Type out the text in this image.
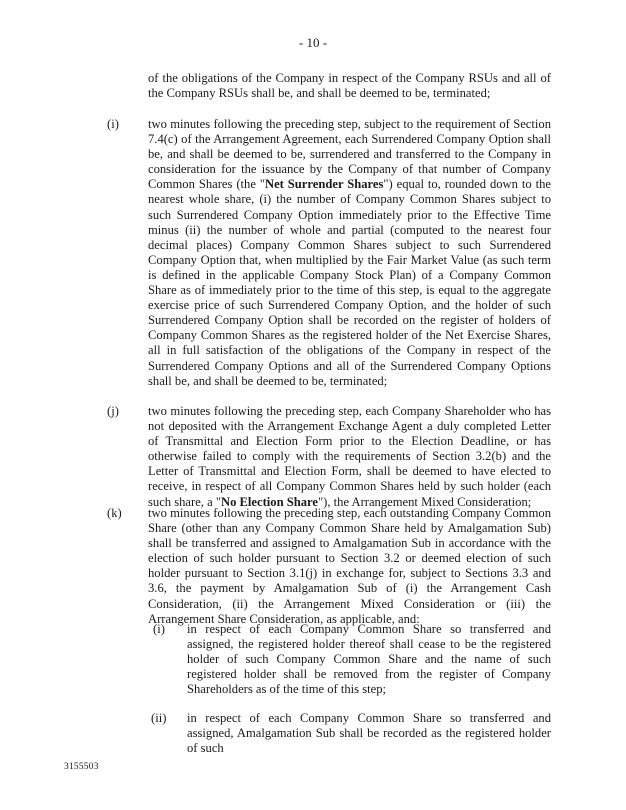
- 10 -
of the obligations of the Company in respect of the Company RSUs and all of the Company RSUs shall be, and shall be deemed to be, terminated;
(i) two minutes following the preceding step, subject to the requirement of Section 7.4(c) of the Arrangement Agreement, each Surrendered Company Option shall be, and shall be deemed to be, surrendered and transferred to the Company in consideration for the issuance by the Company of that number of Company Common Shares (the "Net Surrender Shares") equal to, rounded down to the nearest whole share, (i) the number of Company Common Shares subject to such Surrendered Company Option immediately prior to the Effective Time minus (ii) the number of whole and partial (computed to the nearest four decimal places) Company Common Shares subject to such Surrendered Company Option that, when multiplied by the Fair Market Value (as such term is defined in the applicable Company Stock Plan) of a Company Common Share as of immediately prior to the time of this step, is equal to the aggregate exercise price of such Surrendered Company Option, and the holder of such Surrendered Company Option shall be recorded on the register of holders of Company Common Shares as the registered holder of the Net Exercise Shares, all in full satisfaction of the obligations of the Company in respect of the Surrendered Company Options and all of the Surrendered Company Options shall be, and shall be deemed to be, terminated;
(j) two minutes following the preceding step, each Company Shareholder who has not deposited with the Arrangement Exchange Agent a duly completed Letter of Transmittal and Election Form prior to the Election Deadline, or has otherwise failed to comply with the requirements of Section 3.2(b) and the Letter of Transmittal and Election Form, shall be deemed to have elected to receive, in respect of all Company Common Shares held by such holder (each such share, a "No Election Share"), the Arrangement Mixed Consideration;
(k) two minutes following the preceding step, each outstanding Company Common Share (other than any Company Common Share held by Amalgamation Sub) shall be transferred and assigned to Amalgamation Sub in accordance with the election of such holder pursuant to Section 3.2 or deemed election of such holder pursuant to Section 3.1(j) in exchange for, subject to Sections 3.3 and 3.6, the payment by Amalgamation Sub of (i) the Arrangement Cash Consideration, (ii) the Arrangement Mixed Consideration or (iii) the Arrangement Share Consideration, as applicable, and:
(i) in respect of each Company Common Share so transferred and assigned, the registered holder thereof shall cease to be the registered holder of such Company Common Share and the name of such registered holder shall be removed from the register of Company Shareholders as of the time of this step;
(ii) in respect of each Company Common Share so transferred and assigned, Amalgamation Sub shall be recorded as the registered holder of such
3155503
